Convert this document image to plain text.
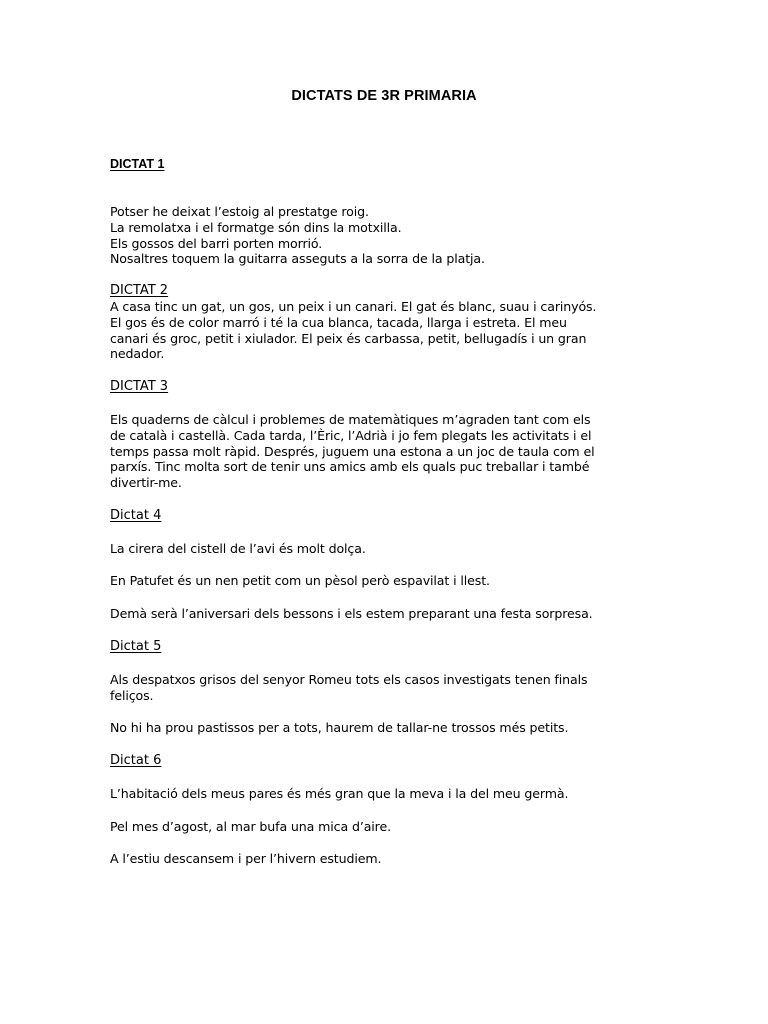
DICTATS DE 3R PRIMARIA
DICTAT 1
Potser he deixat l’estoig al prestatge roig.
La remolatxa i el formatge són dins la motxilla.
Els gossos del barri porten morrió.
Nosaltres toquem la guitarra asseguts a la sorra de la platja.
DICTAT 2
A casa tinc un gat, un gos, un peix i un canari. El gat és blanc, suau i carinyós.
El gos és de color marró i té la cua blanca, tacada, llarga i estreta. El meu
canari és groc, petit i xiulador. El peix és carbassa, petit, bellugadís i un gran
nedador.
DICTAT 3
Els quaderns de càlcul i problemes de matemàtiques m’agraden tant com els
de català i castellà. Cada tarda, l’Èric, l’Adrià i jo fem plegats les activitats i el
temps passa molt ràpid. Després, juguem una estona a un joc de taula com el
parxís. Tinc molta sort de tenir uns amics amb els quals puc treballar i també
divertir-me.
Dictat 4
La cirera del cistell de l’avi és molt dolça.
En Patufet és un nen petit com un pèsol però espavilat i llest.
Demà serà l’aniversari dels bessons i els estem preparant una festa sorpresa.
Dictat 5
Als despatxos grisos del senyor Romeu tots els casos investigats tenen finals
feliços.
No hi ha prou pastissos per a tots, haurem de tallar-ne trossos més petits.
Dictat 6
L’habitació dels meus pares és més gran que la meva i la del meu germà.
Pel mes d’agost, al mar bufa una mica d’aire.
A l’estiu descansem i per l’hivern estudiem.
